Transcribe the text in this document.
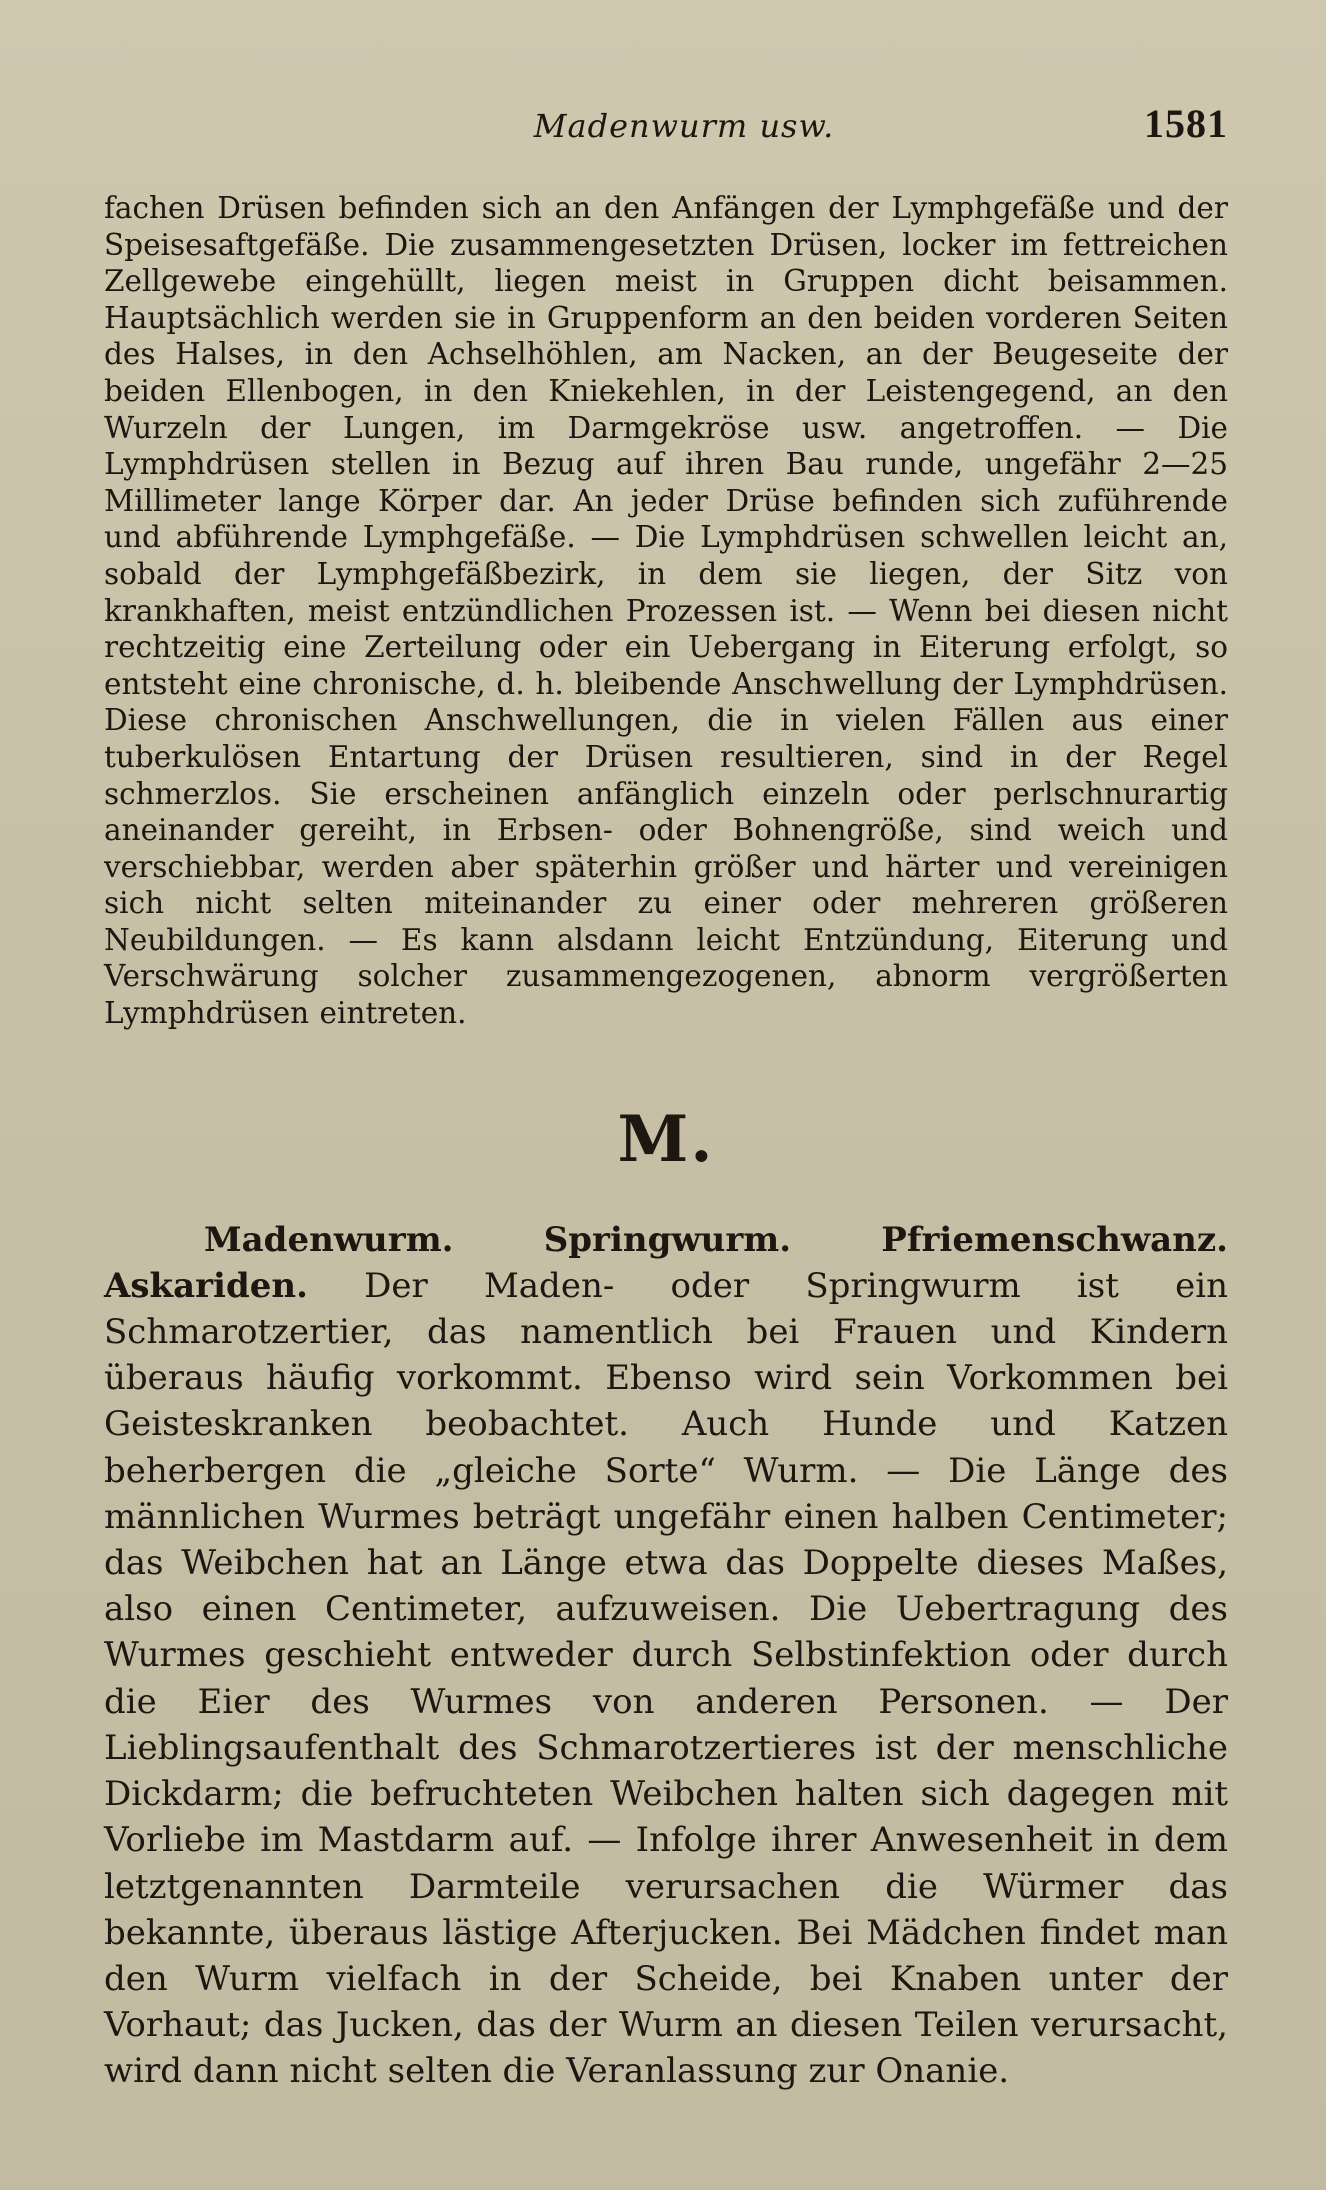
Madenwurm usw.	1581

fachen Drüsen befinden sich an den Anfängen der Lymphgefäße und der Speisesaftgefäße. Die zusammengesetzten Drüsen, locker im fettreichen Zellgewebe eingehüllt, liegen meist in Gruppen dicht beisammen. Hauptsächlich werden sie in Gruppenform an den beiden vorderen Seiten des Halses, in den Achselhöhlen, am Nacken, an der Beugeseite der beiden Ellenbogen, in den Kniekehlen, in der Leistengegend, an den Wurzeln der Lungen, im Darmgekröse usw. angetroffen. — Die Lymphdrüsen stellen in Bezug auf ihren Bau runde, ungefähr 2—25 Millimeter lange Körper dar. An jeder Drüse befinden sich zuführende und abführende Lymphgefäße. — Die Lymphdrüsen schwellen leicht an, sobald der Lymphgefäßbezirk, in dem sie liegen, der Sitz von krankhaften, meist entzündlichen Prozessen ist. — Wenn bei diesen nicht rechtzeitig eine Zerteilung oder ein Uebergang in Eiterung erfolgt, so entsteht eine chronische, d. h. bleibende Anschwellung der Lymphdrüsen. Diese chronischen Anschwellungen, die in vielen Fällen aus einer tuberkulösen Entartung der Drüsen resultieren, sind in der Regel schmerzlos. Sie erscheinen anfänglich einzeln oder perlschnurartig aneinander gereiht, in Erbsen- oder Bohnengröße, sind weich und verschiebbar, werden aber späterhin größer und härter und vereinigen sich nicht selten miteinander zu einer oder mehreren größeren Neubildungen. — Es kann alsdann leicht Entzündung, Eiterung und Verschwärung solcher zusammengezogenen, abnorm vergrößerten Lymphdrüsen eintreten.

M.

Madenwurm. Springwurm. Pfriemenschwanz. Askariden. Der Maden- oder Springwurm ist ein Schmarotzertier, das namentlich bei Frauen und Kindern überaus häufig vorkommt. Ebenso wird sein Vorkommen bei Geisteskranken beobachtet. Auch Hunde und Katzen beherbergen die „gleiche Sorte“ Wurm. — Die Länge des männlichen Wurmes beträgt ungefähr einen halben Centimeter; das Weibchen hat an Länge etwa das Doppelte dieses Maßes, also einen Centimeter, aufzuweisen. Die Uebertragung des Wurmes geschieht entweder durch Selbstinfektion oder durch die Eier des Wurmes von anderen Personen. — Der Lieblingsaufenthalt des Schmarotzertieres ist der menschliche Dickdarm; die befruchteten Weibchen halten sich dagegen mit Vorliebe im Mastdarm auf. — Infolge ihrer Anwesenheit in dem letztgenannten Darmteile verursachen die Würmer das bekannte, überaus lästige Afterjucken. Bei Mädchen findet man den Wurm vielfach in der Scheide, bei Knaben unter der Vorhaut; das Jucken, das der Wurm an diesen Teilen verursacht, wird dann nicht selten die Veranlassung zur Onanie.
